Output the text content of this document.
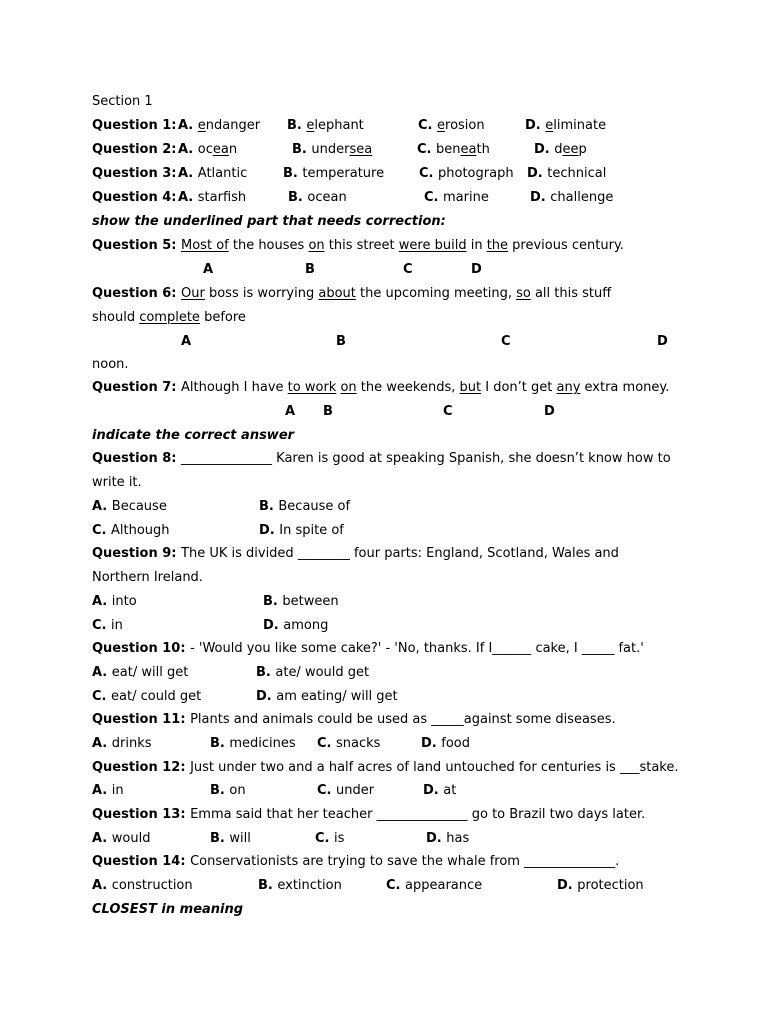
Section 1
Question 1: A. endanger B. elephant	C. erosion	D. eliminate
Question 2: A. ocean	B. undersea	C. beneath	D. deep
Question 3: A. Atlantic	B. temperature	C. photograph D. technical
Question 4: A. starfish	B. ocean	C. marine	D. challenge
show the underlined part that needs correction:
Question 5: Most of the houses on this street were build in the previous century.
A	B	C	D
Question 6: Our boss is worrying about the upcoming meeting, so all this stuff
should complete before
A	B	C	D
noon.
Question 7: Although I have to work on the weekends, but I don’t get any extra money.
A B	C	D
indicate the correct answer
Question 8: ______________ Karen is good at speaking Spanish, she doesn’t know how to
write it.
A. Because	B. Because of
C. Although	D. In spite of
Question 9: The UK is divided ________ four parts: England, Scotland, Wales and
Northern Ireland.
A. into	B. between
C. in	D. among
Question 10: - 'Would you like some cake?' - 'No, thanks. If I______ cake, I _____ fat.'
A. eat/ will get	B. ate/ would get
C. eat/ could get	D. am eating/ will get
Question 11: Plants and animals could be used as _____against some diseases.
A. drinks	B. medicines C. snacks	D. food
Question 12: Just under two and a half acres of land untouched for centuries is ___stake.
A. in	B. on	C. under	D. at
Question 13: Emma said that her teacher ______________ go to Brazil two days later.
A. would	B. will	C. is	D. has
Question 14: Conservationists are trying to save the whale from ______________.
A. construction	B. extinction	C. appearance	D. protection
CLOSEST in meaning
